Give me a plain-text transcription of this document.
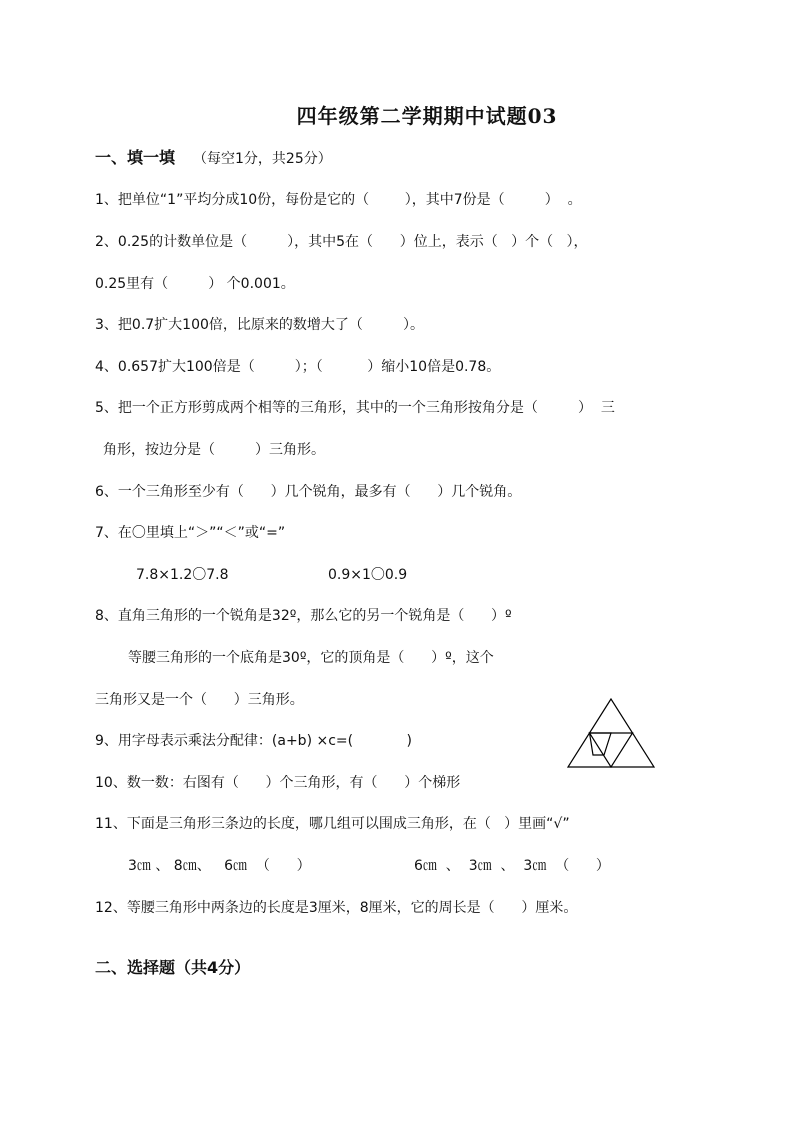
四年级第二学期期中试题03
一、填一填 （每空1分，共25分）
1、把单位“1”平均分成10份，每份是它的（        ），其中7份是（         ）  。
2、0.25的计数单位是（         ），其中5在（      ）位上，表示（   ）个（   ），
0.25里有（         ） 个0.001。
3、把0.7扩大100倍，比原来的数增大了（         ）。
4、0.657扩大100倍是（         ）；（          ）缩小10倍是0.78。
5、把一个正方形剪成两个相等的三角形，其中的一个三角形按角分是（         ）  三
角形，按边分是（         ）三角形。
6、一个三角形至少有（      ）几个锐角，最多有（      ）几个锐角。
7、在〇里填上“＞”“＜”或“=”
7.8×1.2〇7.8	0.9×1〇0.9
8、直角三角形的一个锐角是32º，那么它的另一个锐角是（      ）º
等腰三角形的一个底角是30º，它的顶角是（      ）º，这个
三角形又是一个（      ）三角形。
9、用字母表示乘法分配律：(a+b) ×c=(            )
10、数一数：右图有（      ）个三角形，有（      ）个梯形
11、下面是三角形三条边的长度，哪几组可以围成三角形，在（   ）里画“√”
3㎝ 、 8㎝、   6㎝  （      ）	6㎝  、  3㎝  、  3㎝  （      ）
12、等腰三角形中两条边的长度是3厘米，8厘米，它的周长是（      ）厘米。
二、选择题（共4分）
